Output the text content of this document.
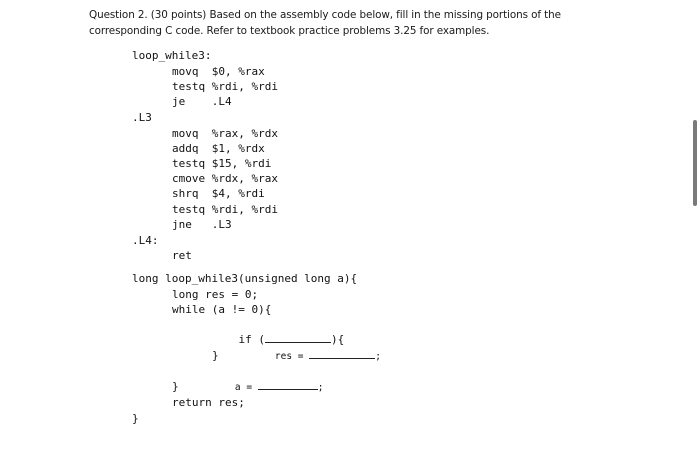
Question 2. (30 points) Based on the assembly code below, fill in the missing portions of the
corresponding C code. Refer to textbook practice problems 3.25 for examples.
loop_while3:
movq  $0, %rax
testq %rdi, %rdi
je    .L4
.L3
movq  %rax, %rdx
addq  $1, %rdx
testq $15, %rdi
cmove %rdx, %rax
shrq  $4, %rdi
testq %rdi, %rdi
jne   .L3
.L4:
ret
long loop_while3(unsigned long a){
long res = 0;
while (a != 0){

if (	){

res =	;

}

a =	;

}
return res;
}
